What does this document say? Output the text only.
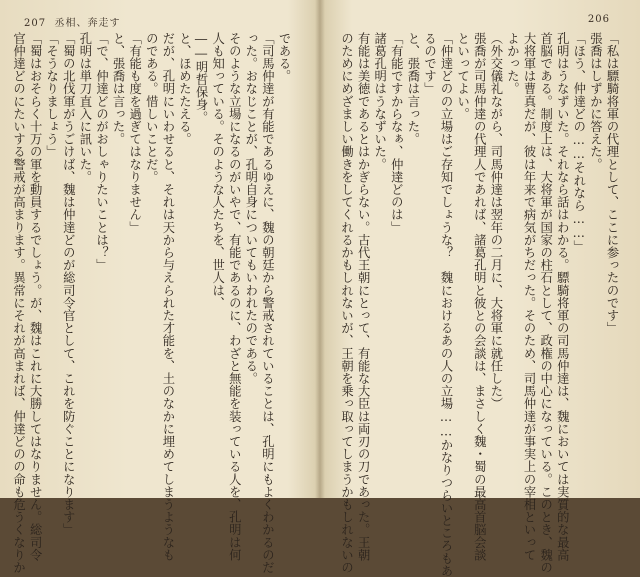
207 丞相、奔走す	206
である。
「司馬仲達が有能であるゆえに、魏の朝廷から警戒されていることは、孔明にもよくわかるのだ
った。おなじことが、孔明自身についてもいわれたのである。
そのような立場になるのがいやで、有能であるのに、わざと無能を装っている人を、孔明は何
人も知っている。そのような人たちを、世人は、
――明哲保身。
と、ほめたたえる。
だが、孔明にいわせると、それは天から与えられた才能を、土のなかに埋めてしまうようなも
のである。惜しいことだ。
「有能も度を過ぎてはなりません」
と、張喬は言った。
「で、仲達どのがおしゃりたいことは？」
孔明は単刀直入に訊いた。
「蜀の北伐軍がうごけば、魏は仲達どのが総司令官として、これを防ぐことになります」
「そうなりましょう」
「蜀はおそらく十万の軍を動員するでしょう。が、魏はこれに大勝してはなりません。総司令
官仲達どのにたいする警戒が高まります。異常にそれが高まれば、仲達どのの命も危うくなりか	「私は驃騎将軍の代理として、ここに参ったのです」
張喬はしずかに答えた。
「ほう、仲達どの……それなら……」
孔明はうなずいた。それなら話はわかる。驃騎将軍の司馬仲達は、魏においては実質的な最高
首脳である。制度上は、大将軍が国家の柱石として、政権の中心になっている。このとき、魏の
大将軍は曹真だが、彼は年来で病気がちだった。そのため、司馬仲達が事実上の宰相といって
よかった。
（外交儀礼ながら、司馬仲達は翌年の二月に、大将軍に就任した）
張喬が司馬仲達の代理人であれば、諸葛孔明と彼との会談は、まさしく魏・蜀の最高首脳会談
といってよい。
「仲達どのの立場はご存知でしょうな？　魏におけるあの人の立場……かなりつらいところもあ
るのです」
と、張喬は言った。
「有能ですからなぁ、仲達どのは」
諸葛孔明はうなずいた。
有能は美徳であるとはかぎらない。古代王朝にとって、有能な大臣は両刃の刀であった。王朝
のためにめざましい働きをしてくれるかもしれないが、王朝を乗っ取ってしまうかもしれないの
